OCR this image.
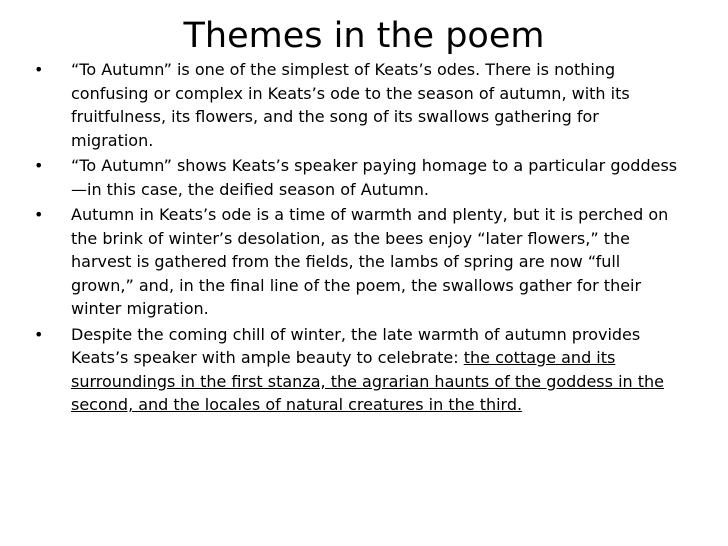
Themes in the poem
• “To Autumn” is one of the simplest of Keats’s odes. There is nothing confusing or complex in Keats’s ode to the season of autumn, with its fruitfulness, its flowers, and the song of its swallows gathering for migration.
• “To Autumn” shows Keats’s speaker paying homage to a particular goddess—in this case, the deified season of Autumn.
• Autumn in Keats’s ode is a time of warmth and plenty, but it is perched on the brink of winter’s desolation, as the bees enjoy “later flowers,” the harvest is gathered from the fields, the lambs of spring are now “full grown,” and, in the final line of the poem, the swallows gather for their winter migration.
• Despite the coming chill of winter, the late warmth of autumn provides Keats’s speaker with ample beauty to celebrate: the cottage and its surroundings in the first stanza, the agrarian haunts of the goddess in the second, and the locales of natural creatures in the third.
